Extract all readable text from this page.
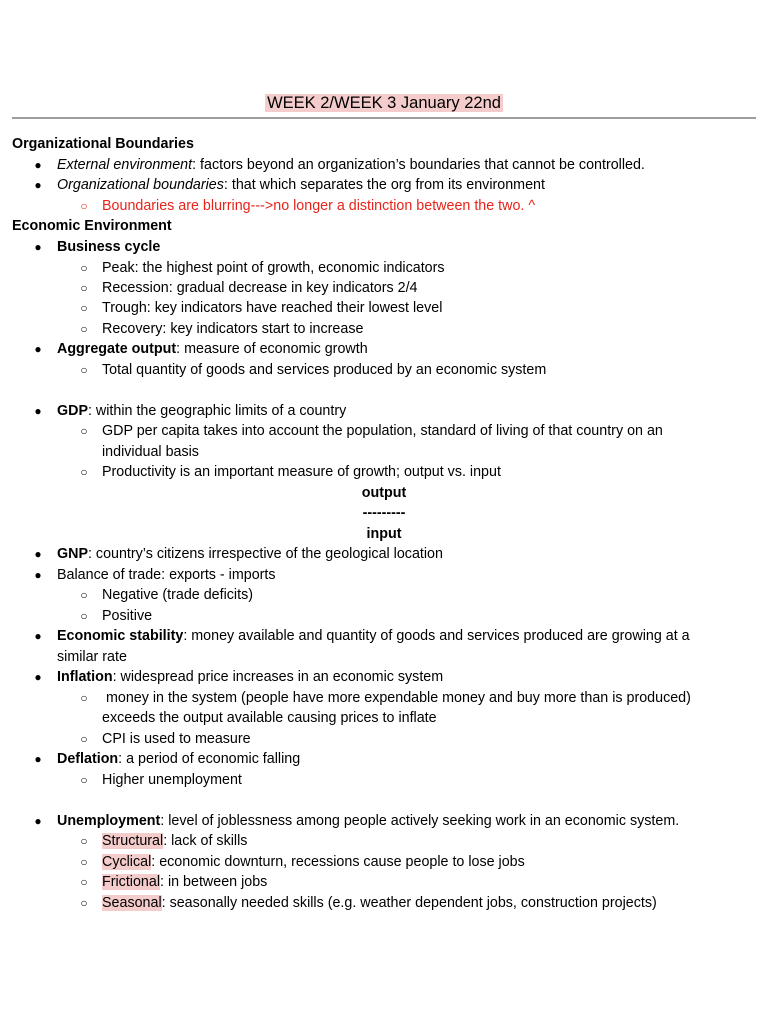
WEEK 2/WEEK 3 January 22nd
Organizational Boundaries
● External environment: factors beyond an organization’s boundaries that cannot be controlled.
● Organizational boundaries: that which separates the org from its environment
○ Boundaries are blurring--->no longer a distinction between the two. ^
Economic Environment
● Business cycle
○ Peak: the highest point of growth, economic indicators
○ Recession: gradual decrease in key indicators 2/4
○ Trough: key indicators have reached their lowest level
○ Recovery: key indicators start to increase
● Aggregate output: measure of economic growth
○ Total quantity of goods and services produced by an economic system
● GDP: within the geographic limits of a country
○ GDP per capita takes into account the population, standard of living of that country on an
individual basis
○ Productivity is an important measure of growth; output vs. input
output
---------
input
● GNP: country’s citizens irrespective of the geological location
● Balance of trade: exports - imports
○ Negative (trade deficits)
○ Positive
● Economic stability: money available and quantity of goods and services produced are growing at a
similar rate
● Inflation: widespread price increases in an economic system
○ money in the system (people have more expendable money and buy more than is produced)
exceeds the output available causing prices to inflate
○ CPI is used to measure
● Deflation: a period of economic falling
○ Higher unemployment
● Unemployment: level of joblessness among people actively seeking work in an economic system.
○ Structural: lack of skills
○ Cyclical: economic downturn, recessions cause people to lose jobs
○ Frictional: in between jobs
○ Seasonal: seasonally needed skills (e.g. weather dependent jobs, construction projects)
